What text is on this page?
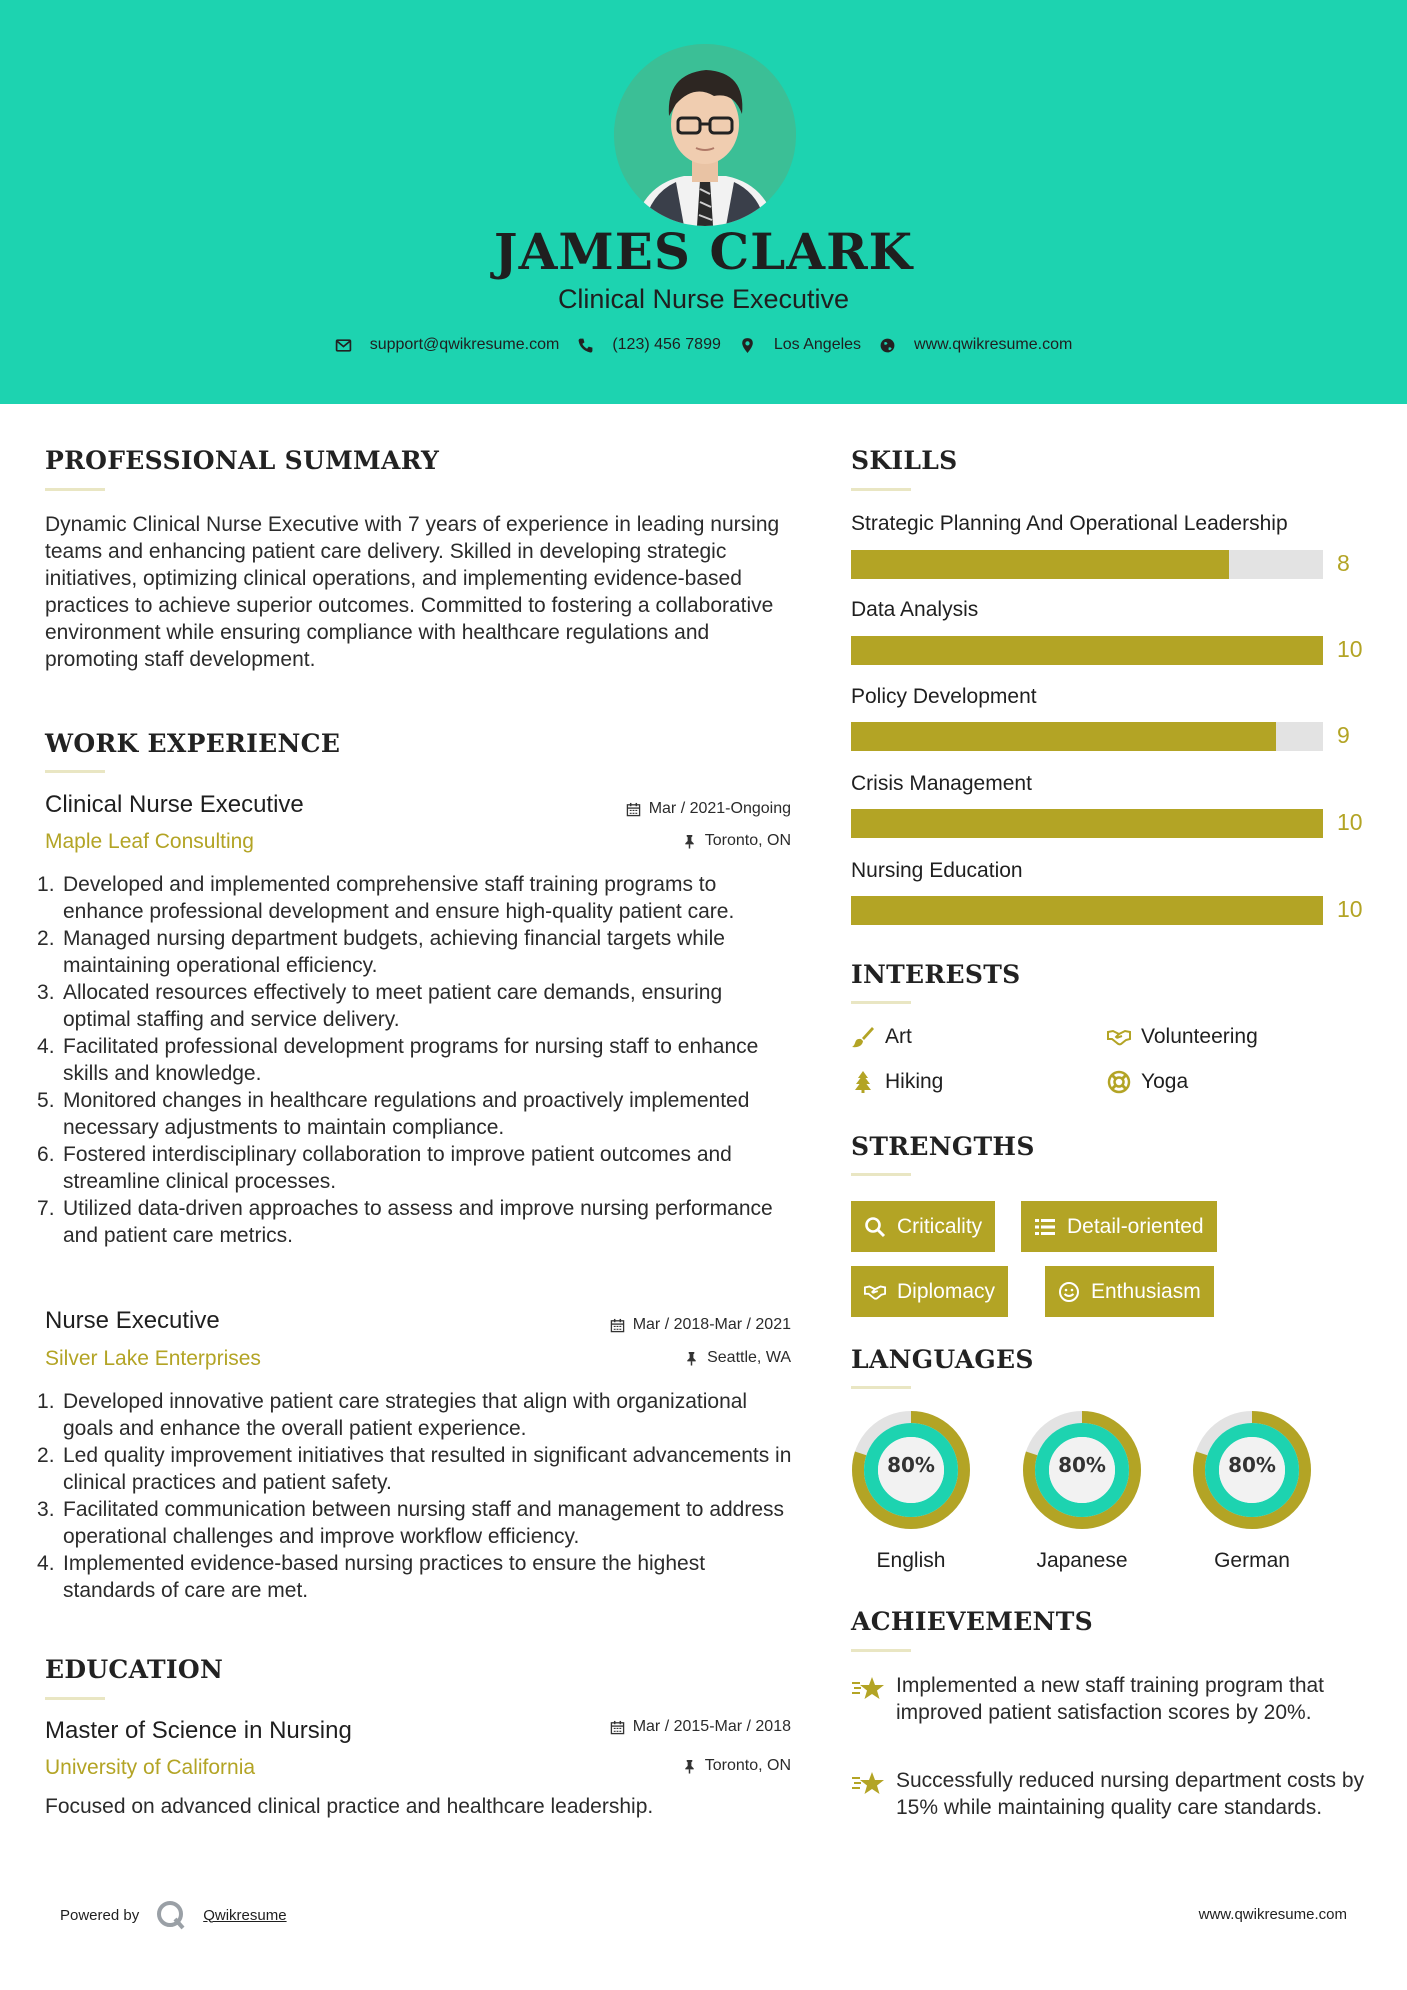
JAMES CLARK
Clinical Nurse Executive
support@qwikresume.com	(123) 456 7899	Los Angeles	www.qwikresume.com
PROFESSIONAL SUMMARY
Dynamic Clinical Nurse Executive with 7 years of experience in leading nursing teams and enhancing patient care delivery. Skilled in developing strategic initiatives, optimizing clinical operations, and implementing evidence-based practices to achieve superior outcomes. Committed to fostering a collaborative environment while ensuring compliance with healthcare regulations and promoting staff development.
WORK EXPERIENCE
Clinical Nurse Executive	Mar / 2021-Ongoing
Maple Leaf Consulting	Toronto, ON
Developed and implemented comprehensive staff training programs to enhance professional development and ensure high-quality patient care.
Managed nursing department budgets, achieving financial targets while maintaining operational efficiency.
Allocated resources effectively to meet patient care demands, ensuring optimal staffing and service delivery.
Facilitated professional development programs for nursing staff to enhance skills and knowledge.
Monitored changes in healthcare regulations and proactively implemented necessary adjustments to maintain compliance.
Fostered interdisciplinary collaboration to improve patient outcomes and streamline clinical processes.
Utilized data-driven approaches to assess and improve nursing performance and patient care metrics.
Nurse Executive	Mar / 2018-Mar / 2021
Silver Lake Enterprises	Seattle, WA
Developed innovative patient care strategies that align with organizational goals and enhance the overall patient experience.
Led quality improvement initiatives that resulted in significant advancements in clinical practices and patient safety.
Facilitated communication between nursing staff and management to address operational challenges and improve workflow efficiency.
Implemented evidence-based nursing practices to ensure the highest standards of care are met.
EDUCATION
Master of Science in Nursing	Mar / 2015-Mar / 2018
University of California	Toronto, ON
Focused on advanced clinical practice and healthcare leadership.
SKILLS
Strategic Planning And Operational Leadership
8
Data Analysis
10
Policy Development
9
Crisis Management
10
Nursing Education
10
INTERESTS
Art	Volunteering
Hiking	Yoga
STRENGTHS
Criticality	Detail-oriented
Diplomacy	Enthusiasm
LANGUAGES
80%
English
80%
Japanese
80%
German
ACHIEVEMENTS
Implemented a new staff training program that improved patient satisfaction scores by 20%.
Successfully reduced nursing department costs by 15% while maintaining quality care standards.
Powered by	Qwikresume	www.qwikresume.com
